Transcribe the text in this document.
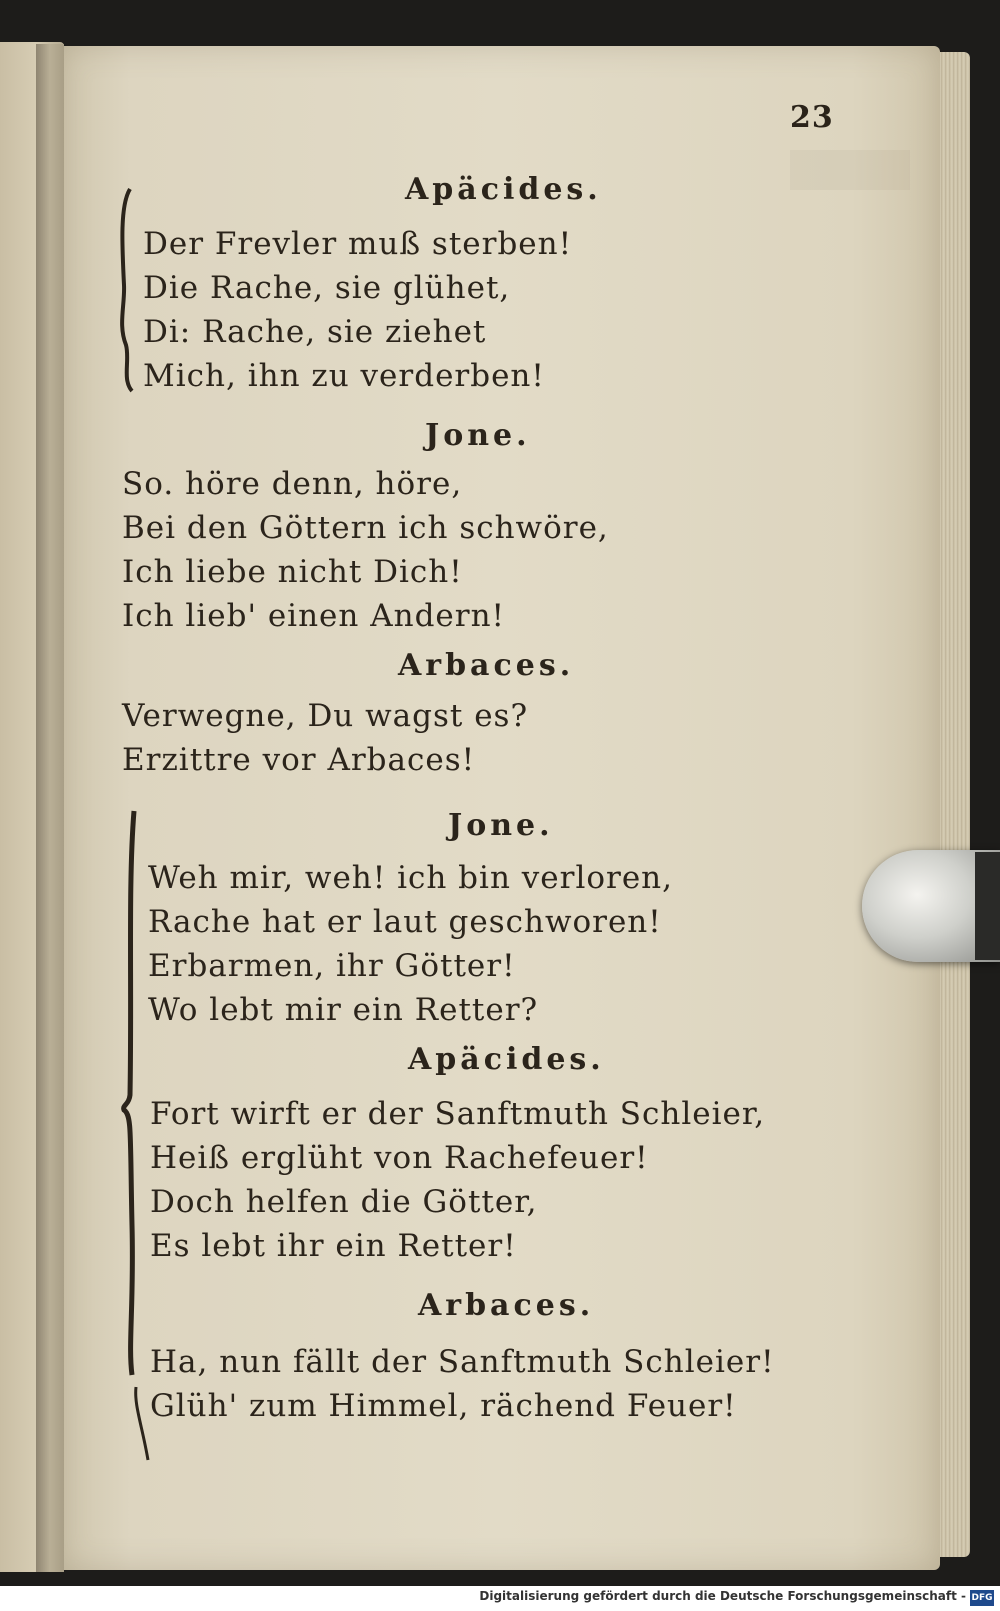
23
Apäcides.
Der Frevler muß sterben!
Die Rache, sie glühet,
Di: Rache, sie ziehet
Mich, ihn zu verderben!
Jone.
So. höre denn, höre,
Bei den Göttern ich schwöre,
Ich liebe nicht Dich!
Ich lieb' einen Andern!
Arbaces.
Verwegne, Du wagst es?
Erzittre vor Arbaces!
Jone.
Weh mir, weh! ich bin verloren,
Rache hat er laut geschworen!
Erbarmen, ihr Götter!
Wo lebt mir ein Retter?
Apäcides.
Fort wirft er der Sanftmuth Schleier,
Heiß erglüht von Rachefeuer!
Doch helfen die Götter,
Es lebt ihr ein Retter!
Arbaces.
Ha, nun fällt der Sanftmuth Schleier!
Glüh' zum Himmel, rächend Feuer!
Digitalisierung gefördert durch die Deutsche Forschungsgemeinschaft - DFG
